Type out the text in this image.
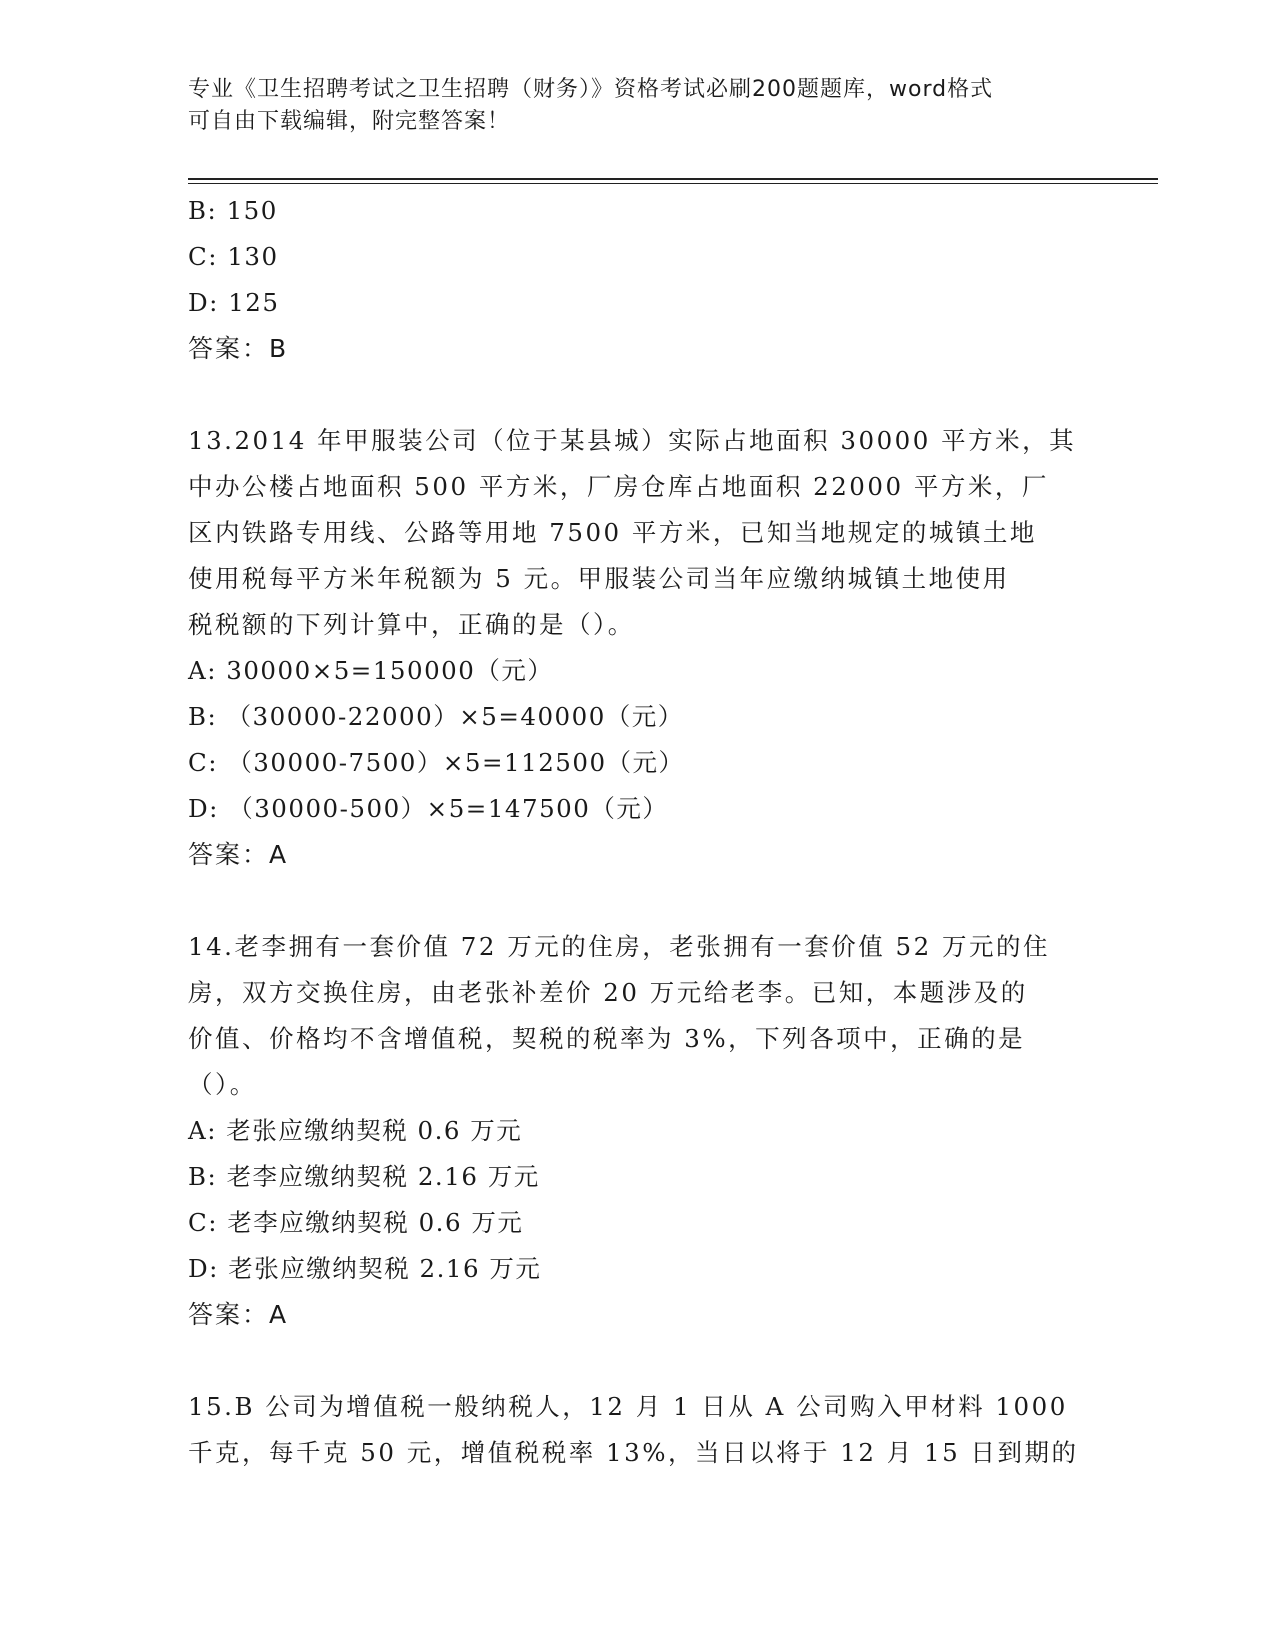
专业《卫生招聘考试之卫生招聘（财务）》资格考试必刷200题题库，word格式
可自由下载编辑，附完整答案！
B: 150
C: 130
D: 125
答案：B
13.2014 年甲服装公司（位于某县城）实际占地面积 30000 平方米，其
中办公楼占地面积 500 平方米，厂房仓库占地面积 22000 平方米，厂
区内铁路专用线、公路等用地 7500 平方米，已知当地规定的城镇土地
使用税每平方米年税额为 5 元。甲服装公司当年应缴纳城镇土地使用
税税额的下列计算中，正确的是（）。
A: 30000×5=150000（元）
B: （30000-22000）×5=40000（元）
C: （30000-7500）×5=112500（元）
D: （30000-500）×5=147500（元）
答案：A
14.老李拥有一套价值 72 万元的住房，老张拥有一套价值 52 万元的住
房，双方交换住房，由老张补差价 20 万元给老李。已知，本题涉及的
价值、价格均不含增值税，契税的税率为 3%，下列各项中，正确的是
（）。
A: 老张应缴纳契税 0.6 万元
B: 老李应缴纳契税 2.16 万元
C: 老李应缴纳契税 0.6 万元
D: 老张应缴纳契税 2.16 万元
答案：A
15.B 公司为增值税一般纳税人，12 月 1 日从 A 公司购入甲材料 1000
千克，每千克 50 元，增值税税率 13%，当日以将于 12 月 15 日到期的
